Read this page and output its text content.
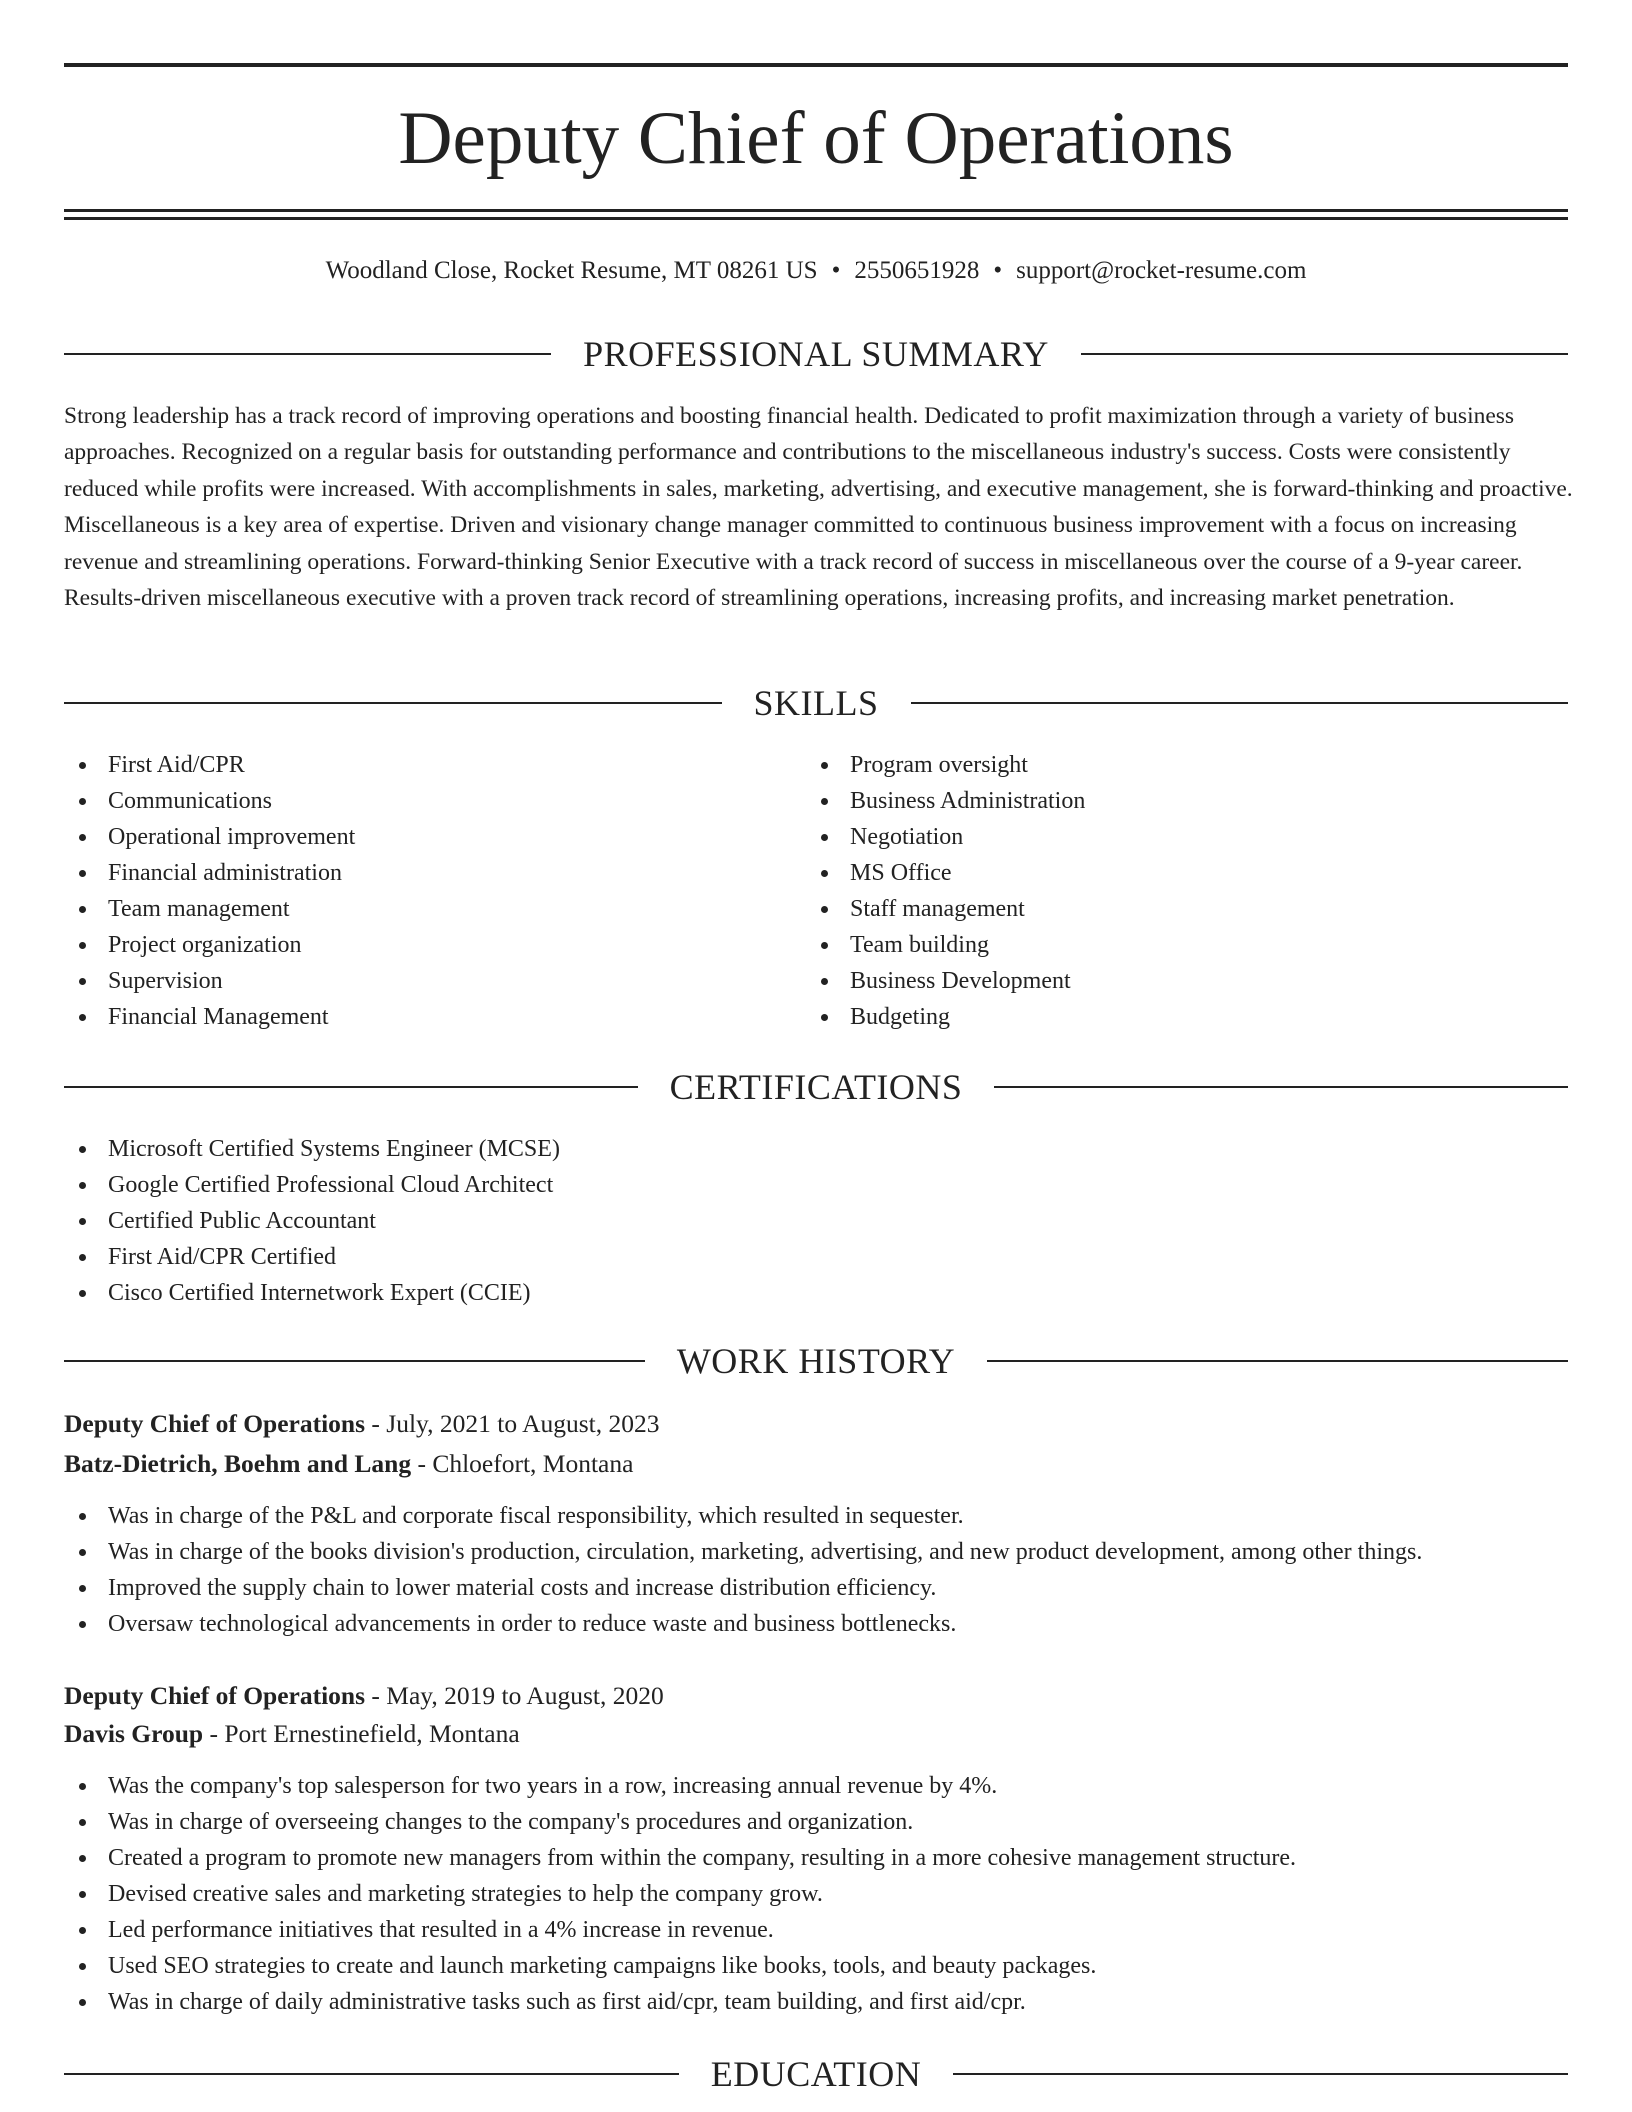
Deputy Chief of Operations
Woodland Close, Rocket Resume, MT 08261 US • 2550651928 • support@rocket-resume.com
PROFESSIONAL SUMMARY

Strong leadership has a track record of improving operations and boosting financial health. Dedicated to profit maximization through a variety of business approaches. Recognized on a regular basis for outstanding performance and contributions to the miscellaneous industry's success. Costs were consistently reduced while profits were increased. With accomplishments in sales, marketing, advertising, and executive management, she is forward-thinking and proactive. Miscellaneous is a key area of expertise. Driven and visionary change manager committed to continuous business improvement with a focus on increasing revenue and streamlining operations. Forward-thinking Senior Executive with a track record of success in miscellaneous over the course of a 9-year career. Results-driven miscellaneous executive with a proven track record of streamlining operations, increasing profits, and increasing market penetration.

SKILLS
First Aid/CPR
Communications
Operational improvement
Financial administration
Team management
Project organization
Supervision
Financial Management
Program oversight
Business Administration
Negotiation
MS Office
Staff management
Team building
Business Development
Budgeting
CERTIFICATIONS
Microsoft Certified Systems Engineer (MCSE)
Google Certified Professional Cloud Architect
Certified Public Accountant
First Aid/CPR Certified
Cisco Certified Internetwork Expert (CCIE)
WORK HISTORY
Deputy Chief of Operations - July, 2021 to August, 2023
Batz-Dietrich, Boehm and Lang - Chloefort, Montana
Was in charge of the P&L and corporate fiscal responsibility, which resulted in sequester.
Was in charge of the books division's production, circulation, marketing, advertising, and new product development, among other things.
Improved the supply chain to lower material costs and increase distribution efficiency.
Oversaw technological advancements in order to reduce waste and business bottlenecks.
Deputy Chief of Operations - May, 2019 to August, 2020
Davis Group - Port Ernestinefield, Montana
Was the company's top salesperson for two years in a row, increasing annual revenue by 4%.
Was in charge of overseeing changes to the company's procedures and organization.
Created a program to promote new managers from within the company, resulting in a more cohesive management structure.
Devised creative sales and marketing strategies to help the company grow.
Led performance initiatives that resulted in a 4% increase in revenue.
Used SEO strategies to create and launch marketing campaigns like books, tools, and beauty packages.
Was in charge of daily administrative tasks such as first aid/cpr, team building, and first aid/cpr.
EDUCATION
